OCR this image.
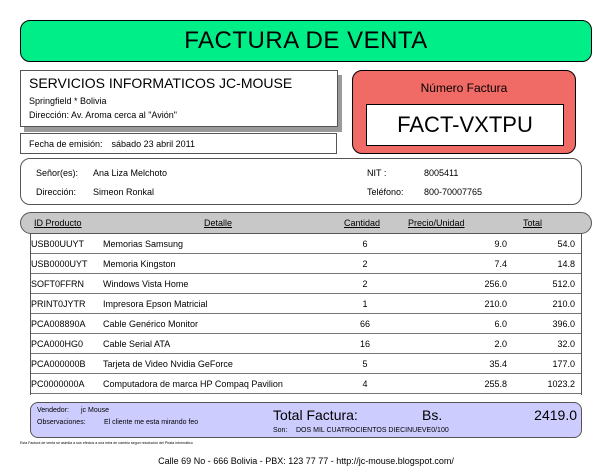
FACTURA DE VENTA
SERVICIOS INFORMATICOS JC-MOUSE
Springfield * Bolivia
Dirección: Av. Aroma cerca al "Avión"
Fecha de emisión: sábado 23 abril 2011
Número Factura
FACT-VXTPU
Señor(es): Ana Liza Melchoto
Dirección: Simeon Ronkal
NIT :	8005411
Teléfono: 800-70007765
ID Producto	Detalle	Cantidad	Precio/Unidad	Total
USB00UUYT Memorias Samsung	6	9.0	54.0
USB0000UYT Memoria Kingston	2	7.4	14.8
SOFT0FFRN Windows Vista Home	2	256.0	512.0
PRINT0JYTR Impresora Epson Matricial	1	210.0	210.0
PCA008890A Cable Genérico Monitor	66	6.0	396.0
PCA000HG0 Cable Serial ATA	16	2.0	32.0
PCA000000B Tarjeta de Video Nvidia GeForce	5	35.4	177.0
PC0000000A Computadora de marca HP Compaq Pavilion	4	255.8	1023.2
Vendedor: jc Mouse
Observaciones:	El cliente me esta mirando feo	Total Factura:	Bs.	2419.0
Son: DOS MIL CUATROCIENTOS DIECINUEVE0/100
Esta Factura de venta se asimila a sus efectos a una letra de cambio segun resolución del Pirata informático
Calle 69 No - 666 Bolivia - PBX: 123 77 77 - http://jc-mouse.blogspot.com/
